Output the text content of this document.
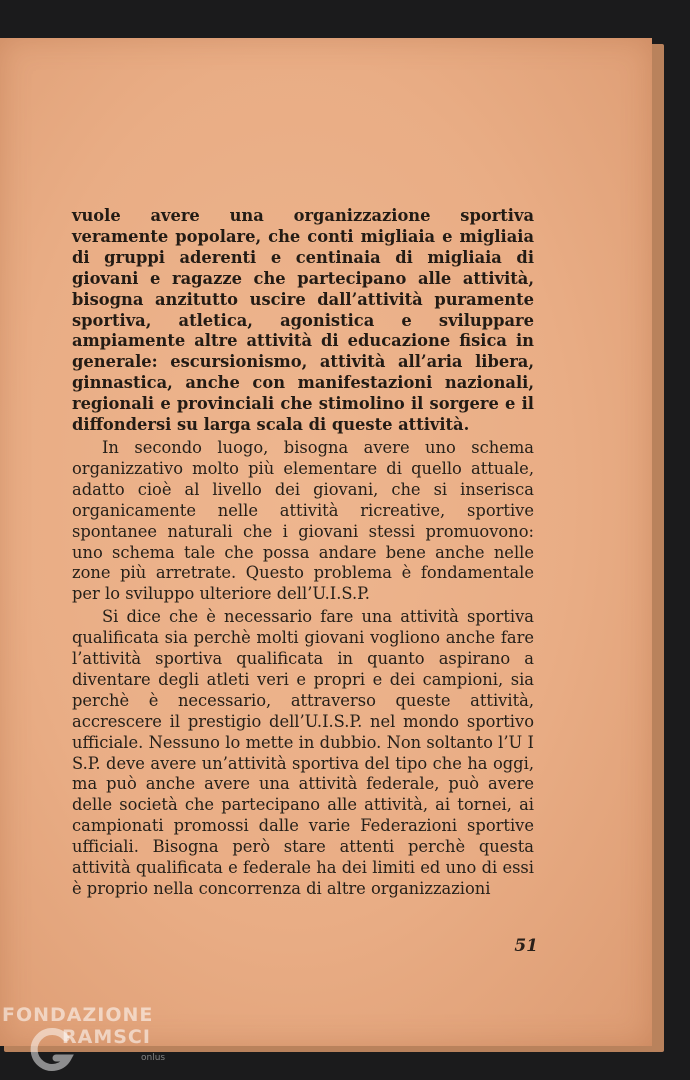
vuole avere una organizzazione sportiva veramente popolare, che conti migliaia e migliaia di gruppi aderenti e centinaia di migliaia di giovani e ragazze che partecipano alle attività, bisogna anzitutto uscire dall’attività puramente sportiva, atletica, agonistica e sviluppare ampiamente altre attività di educazione fisica in generale: escursionismo, attività all’aria libera, ginnastica, anche con manifestazioni nazionali, regionali e provinciali che stimolino il sorgere e il diffondersi su larga scala di queste attività.

In secondo luogo, bisogna avere uno schema organizzativo molto più elementare di quello attuale, adatto cioè al livello dei giovani, che si inserisca organicamente nelle attività ricreative, sportive spontanee naturali che i giovani stessi promuovono: uno schema tale che possa andare bene anche nelle zone più arretrate. Questo problema è fondamentale per lo sviluppo ulteriore dell’U.I.S.P.

Si dice che è necessario fare una attività sportiva qualificata sia perchè molti giovani vogliono anche fare l’attività sportiva qualificata in quanto aspirano a diventare degli atleti veri e propri e dei campioni, sia perchè è necessario, attraverso queste attività, accrescere il prestigio dell’U.I.S.P. nel mondo sportivo ufficiale. Nessuno lo mette in dubbio. Non soltanto l’U I S.P. deve avere un’attività sportiva del tipo che ha oggi, ma può anche avere una attività federale, può avere delle società che partecipano alle attività, ai tornei, ai campionati promossi dalle varie Federazioni sportive ufficiali. Bisogna però stare attenti perchè questa attività qualificata e federale ha dei limiti ed uno di essi è proprio nella concorrenza di altre organizzazioni

51
FONDAZIONE
RAMSCI
onlus
